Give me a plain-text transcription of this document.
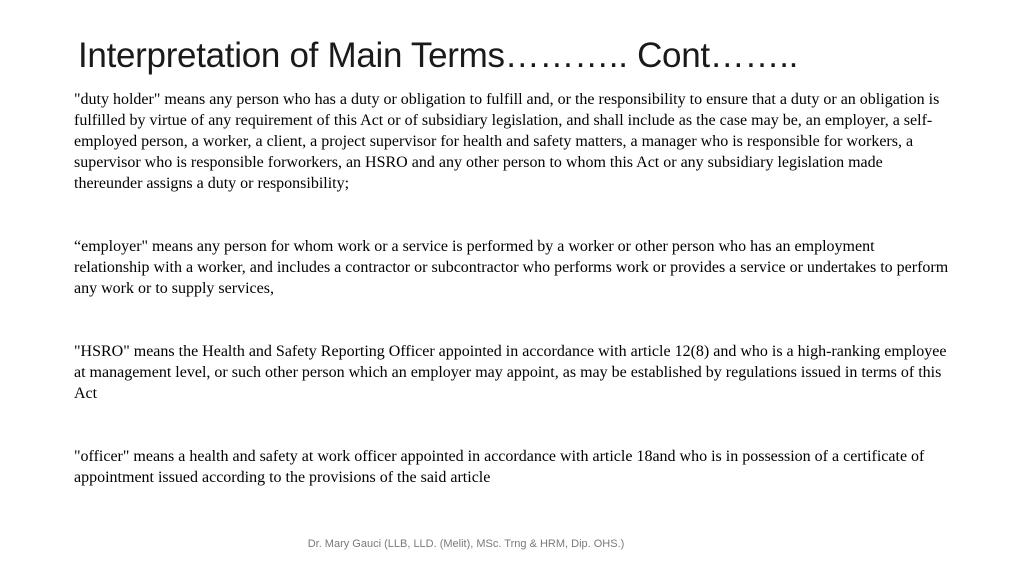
Interpretation of Main Terms……….. Cont……..

"duty holder" means any person who has a duty or obligation to fulfill and, or the responsibility to ensure that a duty or an obligation is fulfilled by virtue of any requirement of this Act or of subsidiary legislation, and shall include as the case may be, an employer, a self-employed person, a worker, a client, a project supervisor for health and safety matters, a manager who is responsible for workers, a supervisor who is responsible forworkers, an HSRO and any other person to whom this Act or any subsidiary legislation made thereunder assigns a duty or responsibility;

“employer" means any person for whom work or a service is performed by a worker or other person who has an employment relationship with a worker, and includes a contractor or subcontractor who performs work or provides a service or undertakes to perform any work or to supply services,

"HSRO" means the Health and Safety Reporting Officer appointed in accordance with article 12(8) and who is a high-ranking employee at management level, or such other person which an employer may appoint, as may be established by regulations issued in terms of this Act

"officer" means a health and safety at work officer appointed in accordance with article 18and who is in possession of a certificate of appointment issued according to the provisions of the said article

Dr. Mary Gauci (LLB, LLD. (Melit), MSc. Trng & HRM, Dip. OHS.)
